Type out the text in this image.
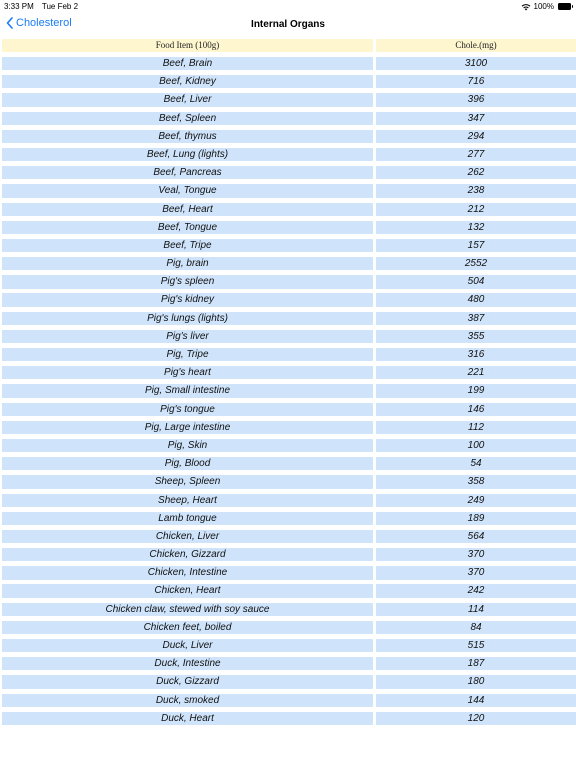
3:33 PM Tue Feb 2	100%
Cholesterol	Internal Organs
Food Item (100g)	Chole.(mg)
Beef, Brain	3100
Beef, Kidney	716
Beef, Liver	396
Beef, Spleen	347
Beef, thymus	294
Beef, Lung (lights)	277
Beef, Pancreas	262
Veal, Tongue	238
Beef, Heart	212
Beef, Tongue	132
Beef, Tripe	157
Pig, brain	2552
Pig's spleen	504
Pig's kidney	480
Pig's lungs (lights)	387
Pig's liver	355
Pig, Tripe	316
Pig's heart	221
Pig, Small intestine	199
Pig's tongue	146
Pig, Large intestine	112
Pig, Skin	100
Pig, Blood	54
Sheep, Spleen	358
Sheep, Heart	249
Lamb tongue	189
Chicken, Liver	564
Chicken, Gizzard	370
Chicken, Intestine	370
Chicken, Heart	242
Chicken claw, stewed with soy sauce	114
Chicken feet, boiled	84
Duck, Liver	515
Duck, Intestine	187
Duck, Gizzard	180
Duck, smoked	144
Duck, Heart	120
